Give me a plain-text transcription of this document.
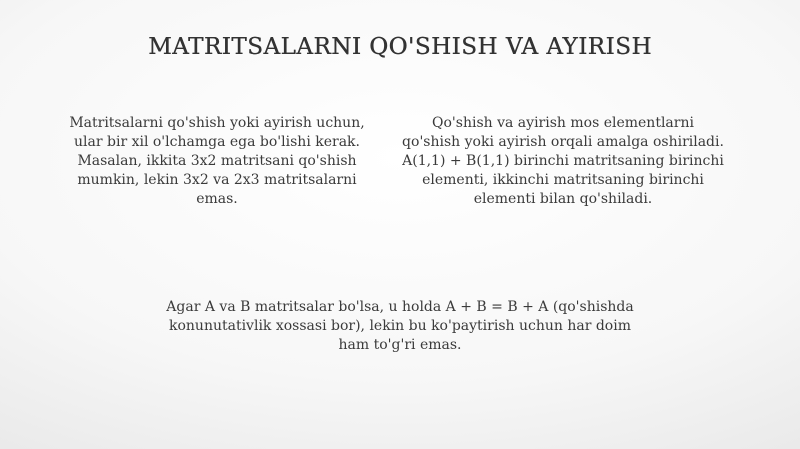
MATRITSALARNI QO'SHISH VA AYIRISH
Matritsalarni qo'shish yoki ayirish uchun, ular bir xil o'lchamga ega bo'lishi kerak. Masalan, ikkita 3x2 matritsani qo'shish mumkin, lekin 3x2 va 2x3 matritsalarni emas.
Qo'shish va ayirish mos elementlarni qo'shish yoki ayirish orqali amalga oshiriladi. A(1,1) + B(1,1) birinchi matritsaning birinchi elementi, ikkinchi matritsaning birinchi elementi bilan qo'shiladi.
Agar A va B matritsalar bo'lsa, u holda A + B = B + A (qo'shishda konunutativlik xossasi bor), lekin bu ko'paytirish uchun har doim ham to'g'ri emas.
